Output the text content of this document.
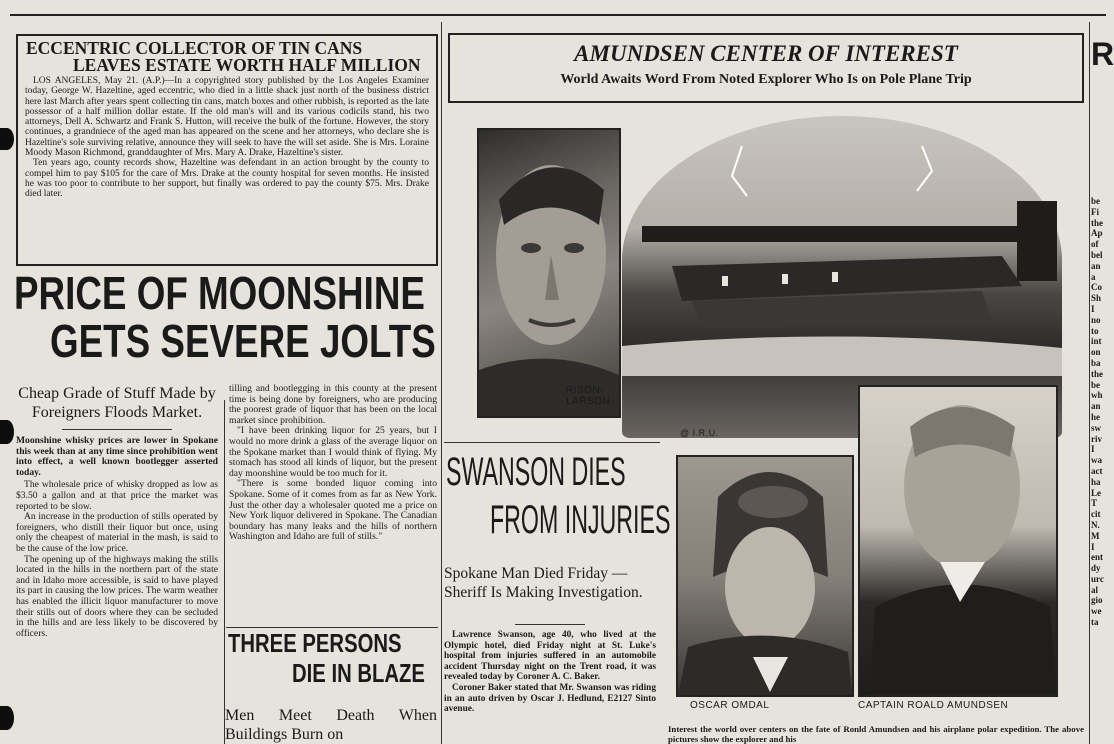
ECCENTRIC COLLECTOR OF TIN CANS
LEAVES ESTATE WORTH HALF MILLION

LOS ANGELES, May 21. (A.P.)—In a copyrighted story published by the Los Angeles Examiner today, George W. Hazeltine, aged eccentric, who died in a little shack just north of the business district here last March after years spent collecting tin cans, match boxes and other rubbish, is reported as the late possessor of a half million dollar estate. If the old man's will and its various codicils stand, his two attorneys, Dell A. Schwartz and Frank S. Hutton, will receive the bulk of the fortune. However, the story continues, a grandniece of the aged man has appeared on the scene and her attorneys, who declare she is Hazeltine's sole surviving relative, announce they will seek to have the will set aside. She is Mrs. Loraine Moody Mason Richmond, granddaughter of Mrs. Mary A. Drake, Hazeltine's sister.

Ten years ago, county records show, Hazeltine was defendant in an action brought by the county to compel him to pay $105 for the care of Mrs. Drake at the county hospital for seven months. He insisted he was too poor to contribute to her support, but finally was ordered to pay the county $75. Mrs. Drake died later.

PRICE OF MOONSHINE
GETS SEVERE JOLTS
Cheap Grade of Stuff Made by Foreigners Floods Market.
Moonshine whisky prices are lower in Spokane this week than at any time since prohibition went into effect, a well known bootlegger asserted today.

The wholesale price of whisky dropped as low as $3.50 a gallon and at that price the market was reported to be slow.

An increase in the production of stills operated by foreigners, who distill their liquor but once, using only the cheapest of material in the mash, is said to be the cause of the low price.

The opening up of the highways making the stills located in the hills in the northern part of the state and in Idaho more accessible, is said to have played its part in causing the low prices. The warm weather has enabled the illicit liquor manufacturer to move their stills out of doors where they can be secluded in the hills and are less likely to be discovered by officers.

tilling and bootlegging in this county at the present time is being done by foreigners, who are producing the poorest grade of liquor that has been on the local market since prohibition.

"I have been drinking liquor for 25 years, but I would no more drink a glass of the average liquor on the Spokane market than I would think of flying. My stomach has stood all kinds of liquor, but the present day moonshine would be too much for it.

"There is some bonded liquor coming into Spokane. Some of it comes from as far as New York. Just the other day a wholesaler quoted me a price on New York liquor delivered in Spokane. The Canadian boundary has many leaks and the hills of northern Washington and Idaho are full of stills."

THREE PERSONS
DIE IN BLAZE
Men Meet Death When Buildings Burn on
AMUNDSEN CENTER OF INTEREST
World Awaits Word From Noted Explorer Who Is on Pole Plane Trip
RISON-LARSON
@ I.R.U.
OSCAR OMDAL	CAPTAIN ROALD AMUNDSEN
Interest the world over centers on the fate of Ronld Amundsen and his airplane polar expedition. The above pictures show the explorer and his
SWANSON DIES
FROM INJURIES
Spokane Man Died Friday —Sheriff Is Making Investigation.

Lawrence Swanson, age 40, who lived at the Olympic hotel, died Friday night at St. Luke's hospital from injuries suffered in an automobile accident Thursday night on the Trent road, it was revealed today by Coroner A. C. Baker.

Coroner Baker stated that Mr. Swanson was riding in an auto driven by Oscar J. Hedlund, E2127 Sinto avenue.

R
be
Fi
the
Ap
of
bel
an
a
Co
Sh
I
no
to
int
on
ba
the
be
wh
an
he
sw
riv
I
wa
act
ha
Le
T
cit
N.
M
I
ent
dy
urc
al
gio
we
ta
